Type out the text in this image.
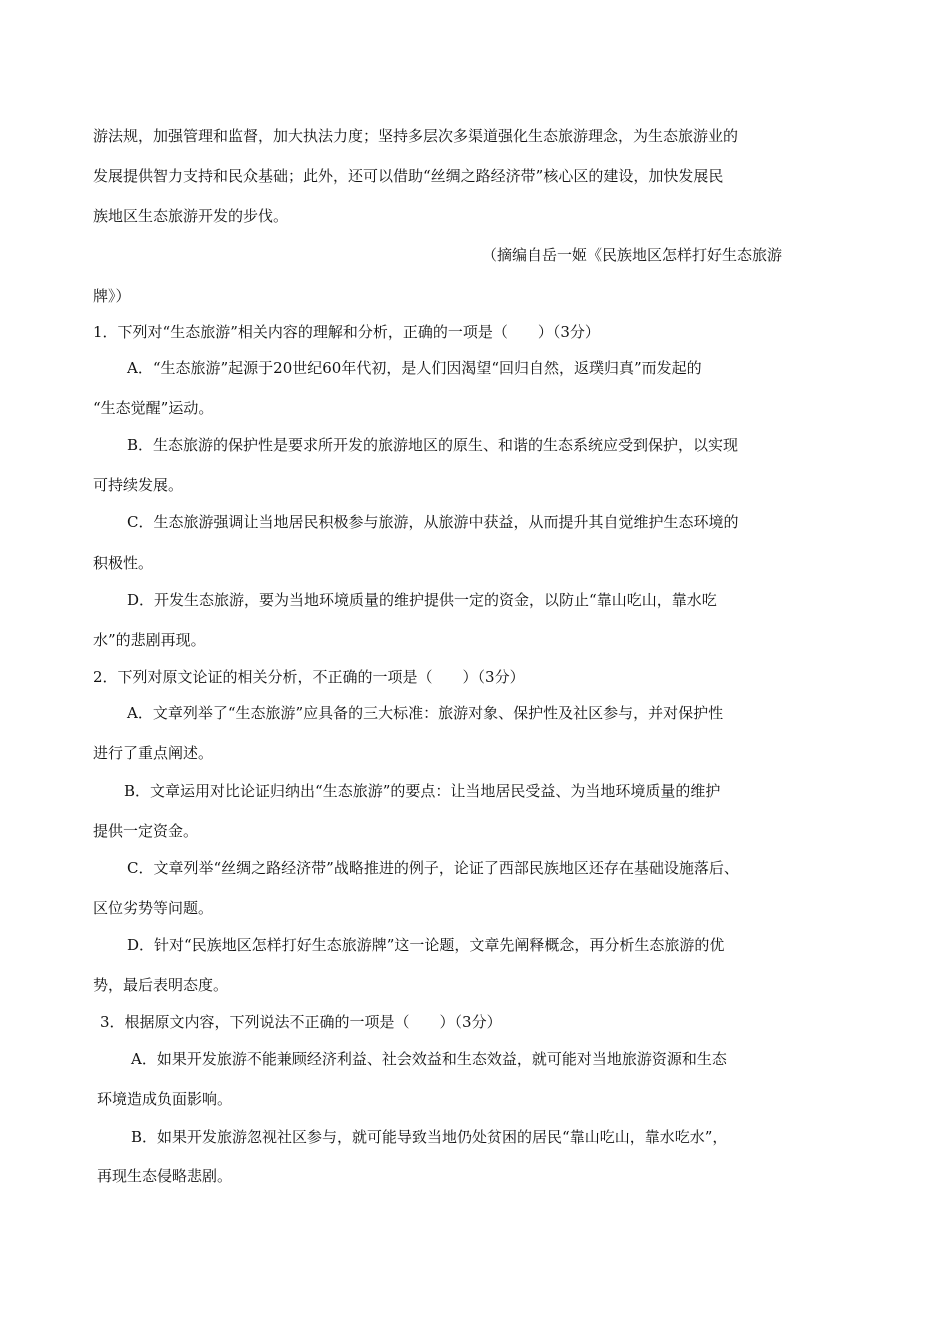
游法规，加强管理和监督，加大执法力度；坚持多层次多渠道强化生态旅游理念，为生态旅游业的
发展提供智力支持和民众基础；此外，还可以借助“丝绸之路经济带”核心区的建设，加快发展民
族地区生态旅游开发的步伐。
（摘编自岳一姬《民族地区怎样打好生态旅游
牌》）
1．下列对“生态旅游”相关内容的理解和分析，正确的一项是（　　）（3分）
A．“生态旅游”起源于20世纪60年代初，是人们因渴望“回归自然，返璞归真”而发起的
“生态觉醒”运动。
B．生态旅游的保护性是要求所开发的旅游地区的原生、和谐的生态系统应受到保护，以实现
可持续发展。
C．生态旅游强调让当地居民积极参与旅游，从旅游中获益，从而提升其自觉维护生态环境的
积极性。
D．开发生态旅游，要为当地环境质量的维护提供一定的资金，以防止“靠山吃山，靠水吃
水”的悲剧再现。
2．下列对原文论证的相关分析，不正确的一项是（　　）（3分）
A．文章列举了“生态旅游”应具备的三大标准：旅游对象、保护性及社区参与，并对保护性
进行了重点阐述。
B．文章运用对比论证归纳出“生态旅游”的要点：让当地居民受益、为当地环境质量的维护
提供一定资金。
C．文章列举“丝绸之路经济带”战略推进的例子，论证了西部民族地区还存在基础设施落后、
区位劣势等问题。
D．针对“民族地区怎样打好生态旅游牌”这一论题，文章先阐释概念，再分析生态旅游的优
势，最后表明态度。
3．根据原文内容，下列说法不正确的一项是（　　）（3分）
A．如果开发旅游不能兼顾经济利益、社会效益和生态效益，就可能对当地旅游资源和生态
环境造成负面影响。
B．如果开发旅游忽视社区参与，就可能导致当地仍处贫困的居民“靠山吃山，靠水吃水”，
再现生态侵略悲剧。
